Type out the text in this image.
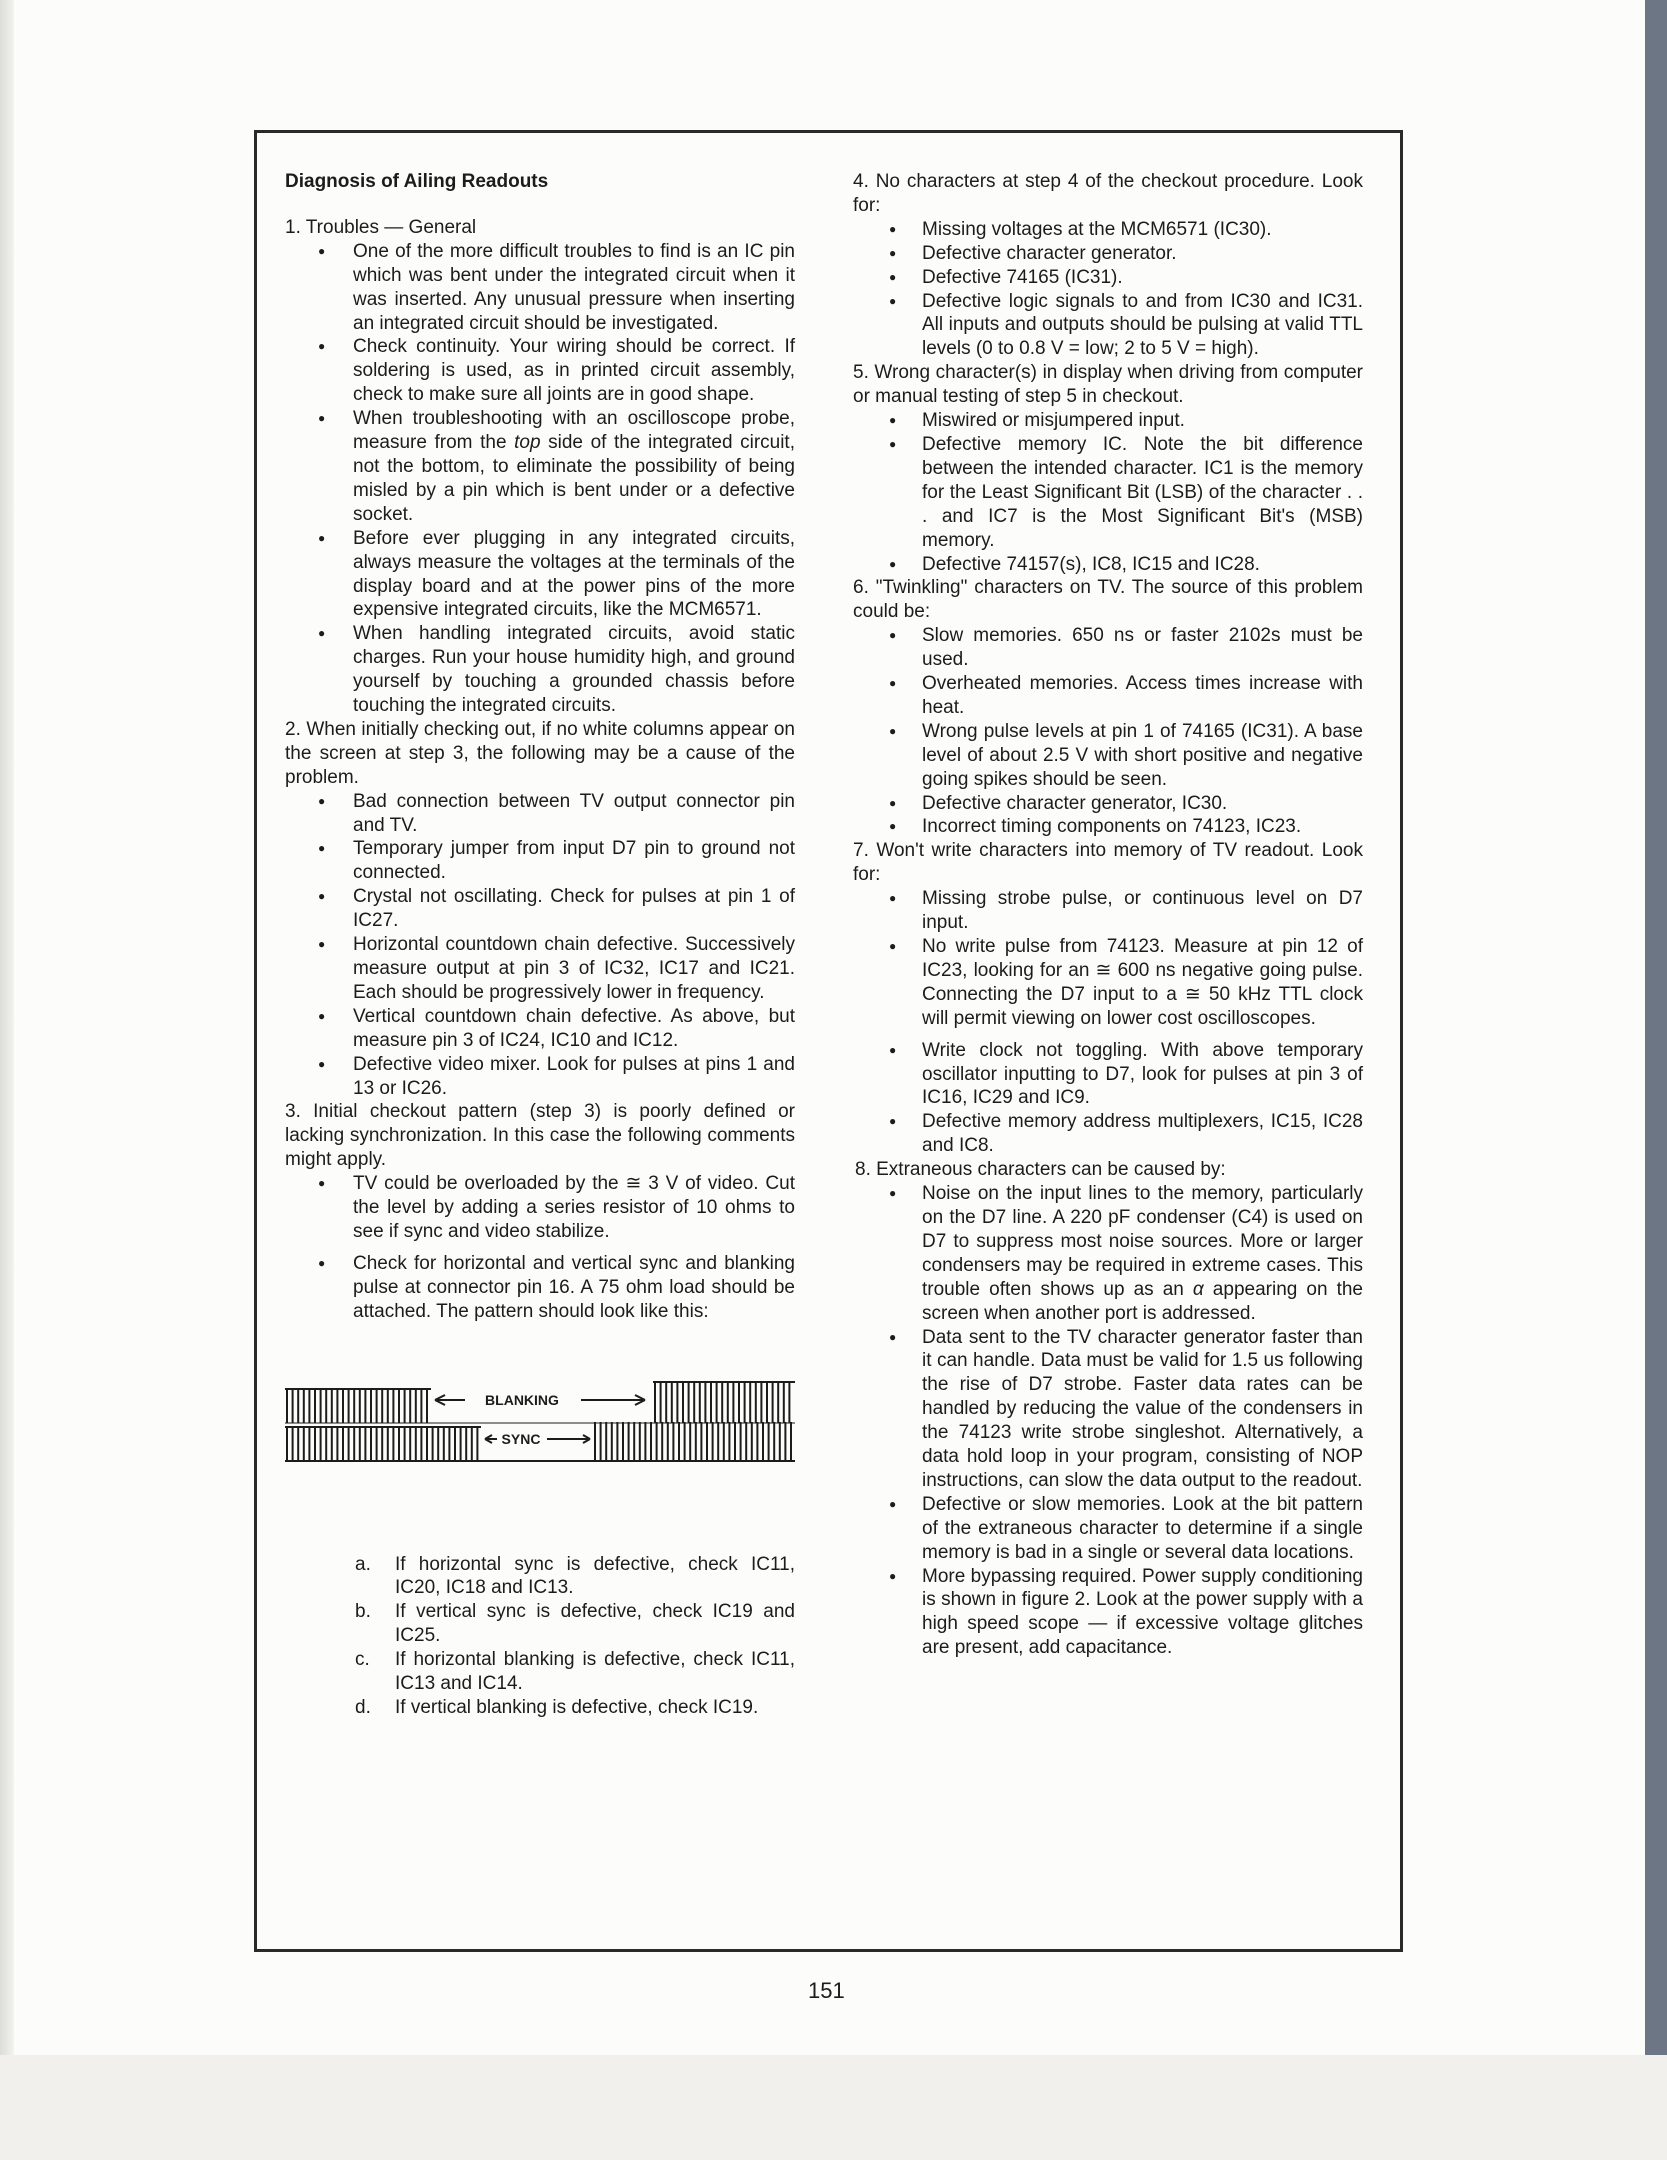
Diagnosis of Ailing Readouts

1. Troubles — General

● One of the more difficult troubles to find is an IC pin which was bent under the integrated circuit when it was inserted. Any unusual pressure when inserting an integrated circuit should be investigated.
● Check continuity. Your wiring should be correct. If soldering is used, as in printed circuit assembly, check to make sure all joints are in good shape.
● When troubleshooting with an oscilloscope probe, measure from the top side of the integrated circuit, not the bottom, to eliminate the possibility of being misled by a pin which is bent under or a defective socket.
● Before ever plugging in any integrated circuits, always measure the voltages at the terminals of the display board and at the power pins of the more expensive integrated circuits, like the MCM6571.
● When handling integrated circuits, avoid static charges. Run your house humidity high, and ground yourself by touching a grounded chassis before touching the integrated circuits.

2. When initially checking out, if no white columns appear on the screen at step 3, the following may be a cause of the problem.

● Bad connection between TV output connector pin and TV.
● Temporary jumper from input D7 pin to ground not connected.
● Crystal not oscillating. Check for pulses at pin 1 of IC27.
● Horizontal countdown chain defective. Successively measure output at pin 3 of IC32, IC17 and IC21. Each should be progressively lower in frequency.
● Vertical countdown chain defective. As above, but measure pin 3 of IC24, IC10 and IC12.
● Defective video mixer. Look for pulses at pins 1 and 13 or IC26.

3. Initial checkout pattern (step 3) is poorly defined or lacking synchronization. In this case the following comments might apply.

● TV could be overloaded by the ≅ 3 V of video. Cut the level by adding a series resistor of 10 ohms to see if sync and video stabilize.
● Check for horizontal and vertical sync and blanking pulse at connector pin 16. A 75 ohm load should be attached. The pattern should look like this:
BLANKING
SYNC
a. If horizontal sync is defective, check IC11, IC20, IC18 and IC13.
b. If vertical sync is defective, check IC19 and IC25.
c. If horizontal blanking is defective, check IC11, IC13 and IC14.
d. If vertical blanking is defective, check IC19.

4. No characters at step 4 of the checkout procedure. Look for:

● Missing voltages at the MCM6571 (IC30).
● Defective character generator.
● Defective 74165 (IC31).
● Defective logic signals to and from IC30 and IC31. All inputs and outputs should be pulsing at valid TTL levels (0 to 0.8 V = low; 2 to 5 V = high).

5. Wrong character(s) in display when driving from computer or manual testing of step 5 in checkout.

● Miswired or misjumpered input.
● Defective memory IC. Note the bit difference between the intended character. IC1 is the memory for the Least Significant Bit (LSB) of the character . . . and IC7 is the Most Significant Bit's (MSB) memory.
● Defective 74157(s), IC8, IC15 and IC28.

6. "Twinkling" characters on TV. The source of this problem could be:

● Slow memories. 650 ns or faster 2102s must be used.
● Overheated memories. Access times increase with heat.
● Wrong pulse levels at pin 1 of 74165 (IC31). A base level of about 2.5 V with short positive and negative going spikes should be seen.
● Defective character generator, IC30.
● Incorrect timing components on 74123, IC23.

7. Won't write characters into memory of TV readout. Look for:

● Missing strobe pulse, or continuous level on D7 input.
● No write pulse from 74123. Measure at pin 12 of IC23, looking for an ≅ 600 ns negative going pulse. Connecting the D7 input to a ≅ 50 kHz TTL clock will permit viewing on lower cost oscilloscopes.
● Write clock not toggling. With above temporary oscillator inputting to D7, look for pulses at pin 3 of IC16, IC29 and IC9.
● Defective memory address multiplexers, IC15, IC28 and IC8.

8. Extraneous characters can be caused by:

● Noise on the input lines to the memory, particularly on the D7 line. A 220 pF condenser (C4) is used on D7 to suppress most noise sources. More or larger condensers may be required in extreme cases. This trouble often shows up as an α appearing on the screen when another port is addressed.
● Data sent to the TV character generator faster than it can handle. Data must be valid for 1.5 us following the rise of D7 strobe. Faster data rates can be handled by reducing the value of the condensers in the 74123 write strobe singleshot. Alternatively, a data hold loop in your program, consisting of NOP instructions, can slow the data output to the readout.
● Defective or slow memories. Look at the bit pattern of the extraneous character to determine if a single memory is bad in a single or several data locations.
● More bypassing required. Power supply conditioning is shown in figure 2. Look at the power supply with a high speed scope — if excessive voltage glitches are present, add capacitance.
151
